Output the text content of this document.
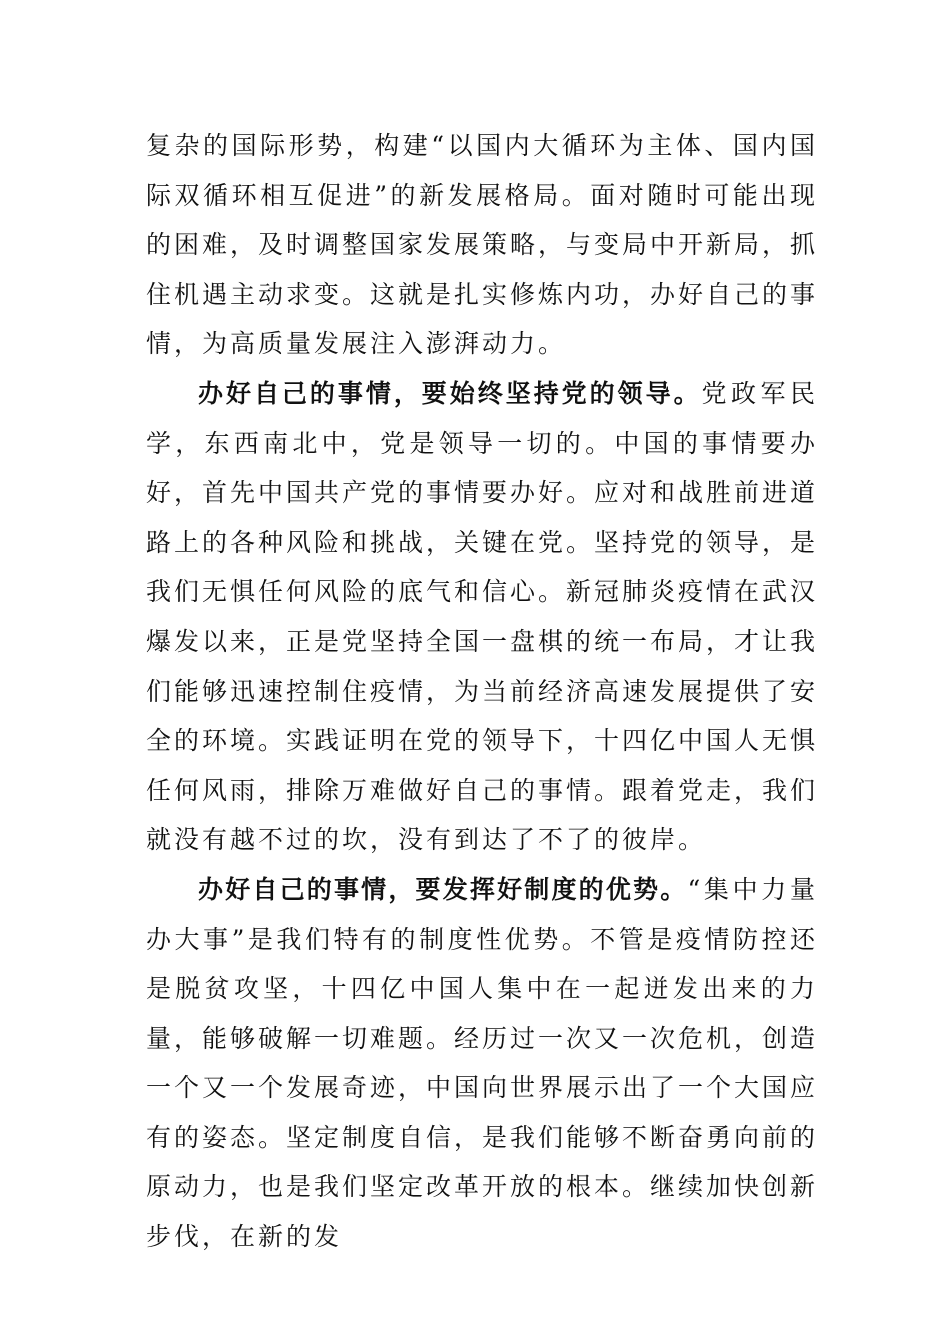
复杂的国际形势，构建“以国内大循环为主体、国内国际双循环相互促进”的新发展格局。面对随时可能出现的困难，及时调整国家发展策略，与变局中开新局，抓住机遇主动求变。这就是扎实修炼内功，办好自己的事情，为高质量发展注入澎湃动力。

办好自己的事情，要始终坚持党的领导。党政军民学，东西南北中，党是领导一切的。中国的事情要办好，首先中国共产党的事情要办好。应对和战胜前进道路上的各种风险和挑战，关键在党。坚持党的领导，是我们无惧任何风险的底气和信心。新冠肺炎疫情在武汉爆发以来，正是党坚持全国一盘棋的统一布局，才让我们能够迅速控制住疫情，为当前经济高速发展提供了安全的环境。实践证明在党的领导下，十四亿中国人无惧任何风雨，排除万难做好自己的事情。跟着党走，我们就没有越不过的坎，没有到达了不了的彼岸。

办好自己的事情，要发挥好制度的优势。“集中力量办大事”是我们特有的制度性优势。不管是疫情防控还是脱贫攻坚，十四亿中国人集中在一起迸发出来的力量，能够破解一切难题。经历过一次又一次危机，创造一个又一个发展奇迹，中国向世界展示出了一个大国应有的姿态。坚定制度自信，是我们能够不断奋勇向前的原动力，也是我们坚定改革开放的根本。继续加快创新步伐，在新的发
